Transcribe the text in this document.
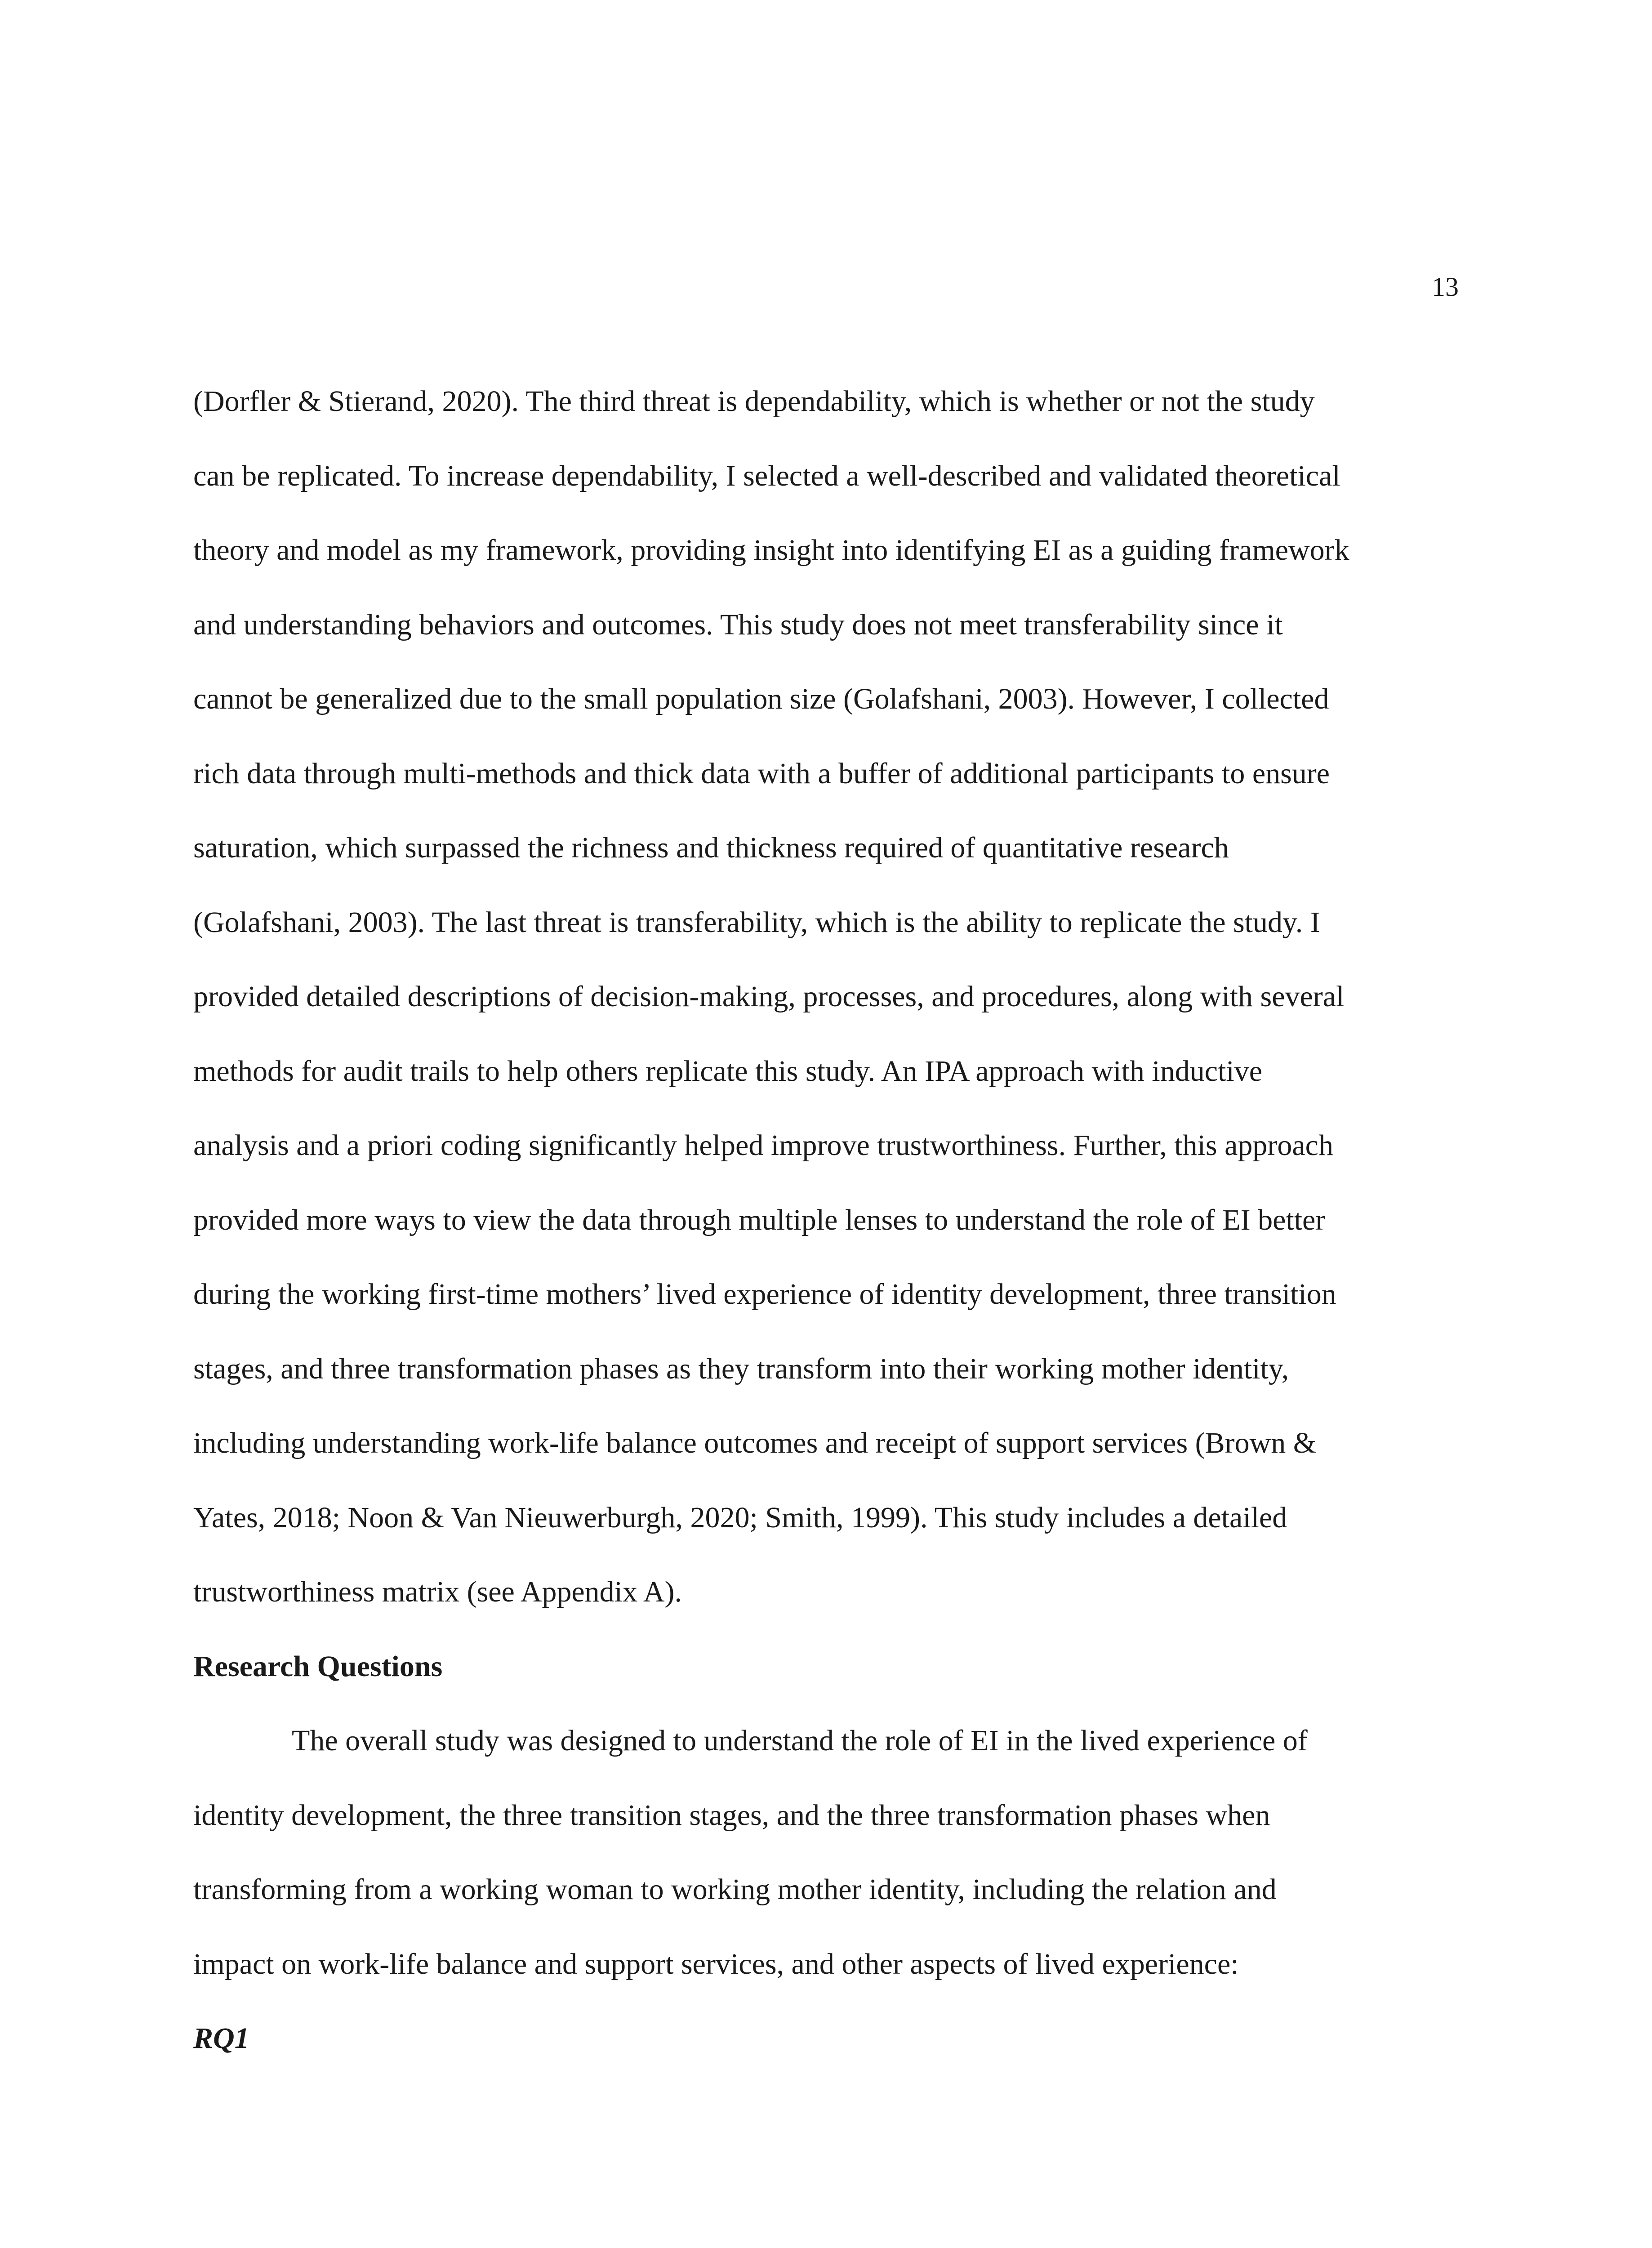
13

(Dorfler & Stierand, 2020). The third threat is dependability, which is whether or not the study

can be replicated. To increase dependability, I selected a well-described and validated theoretical

theory and model as my framework, providing insight into identifying EI as a guiding framework

and understanding behaviors and outcomes. This study does not meet transferability since it

cannot be generalized due to the small population size (Golafshani, 2003). However, I collected

rich data through multi-methods and thick data with a buffer of additional participants to ensure

saturation, which surpassed the richness and thickness required of quantitative research

(Golafshani, 2003). The last threat is transferability, which is the ability to replicate the study. I

provided detailed descriptions of decision-making, processes, and procedures, along with several

methods for audit trails to help others replicate this study. An IPA approach with inductive

analysis and a priori coding significantly helped improve trustworthiness. Further, this approach

provided more ways to view the data through multiple lenses to understand the role of EI better

during the working first-time mothers’ lived experience of identity development, three transition

stages, and three transformation phases as they transform into their working mother identity,

including understanding work-life balance outcomes and receipt of support services (Brown &

Yates, 2018; Noon & Van Nieuwerburgh, 2020; Smith, 1999). This study includes a detailed

trustworthiness matrix (see Appendix A).

Research Questions

The overall study was designed to understand the role of EI in the lived experience of

identity development, the three transition stages, and the three transformation phases when

transforming from a working woman to working mother identity, including the relation and

impact on work-life balance and support services, and other aspects of lived experience:

RQ1
